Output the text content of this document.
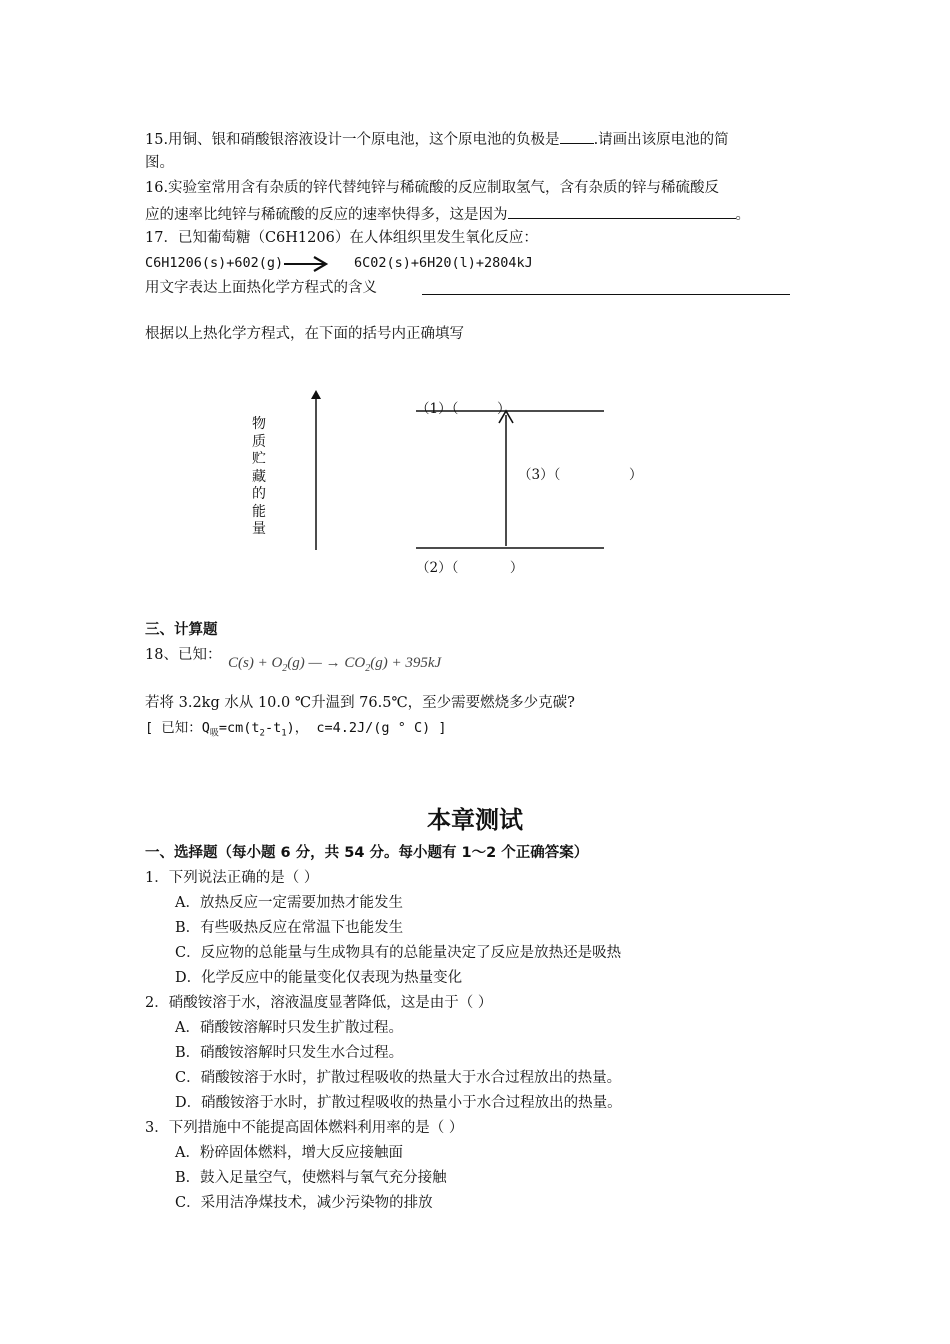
15.用铜、银和硝酸银溶液设计一个原电池，这个原电池的负极是 .请画出该原电池的简
图。
16.实验室常用含有杂质的锌代替纯锌与稀硫酸的反应制取氢气，含有杂质的锌与稀硫酸反
应的速率比纯锌与稀硫酸的反应的速率快得多，这是因为	。
17．已知葡萄糖（C6H1206）在人体组织里发生氧化反应：
C6H1206(s)+602(g) → 6C02(s)+6H20(l)+2804kJ
用文字表达上面热化学方程式的含义
根据以上热化学方程式，在下面的括号内正确填写
物
质
贮
藏
的
能
量
（1）（         ）
（3）（                ）
（2）（            ）
三、计算题
18、已知： $C(s) + O_2(g)$ — → $CO_2(g) + 395kJ$
若将 3.2kg 水从 10.0 ℃升温到 76.5℃，至少需要燃烧多少克碳?
[ 已知：$Q_吸=cm(t_2-t_1)$， c=4.2J/(g ° C) ]
本章测试
一、选择题（每小题 6 分，共 54 分。每小题有 1～2 个正确答案）
1．下列说法正确的是（ ）
A．放热反应一定需要加热才能发生
B．有些吸热反应在常温下也能发生
C．反应物的总能量与生成物具有的总能量决定了反应是放热还是吸热
D．化学反应中的能量变化仅表现为热量变化
2．硝酸铵溶于水，溶液温度显著降低，这是由于（ ）
A．硝酸铵溶解时只发生扩散过程。
B．硝酸铵溶解时只发生水合过程。
C．硝酸铵溶于水时，扩散过程吸收的热量大于水合过程放出的热量。
D．硝酸铵溶于水时，扩散过程吸收的热量小于水合过程放出的热量。
3．下列措施中不能提高固体燃料利用率的是（ ）
A．粉碎固体燃料，增大反应接触面
B．鼓入足量空气，使燃料与氧气充分接触
C．采用洁净煤技术，减少污染物的排放
